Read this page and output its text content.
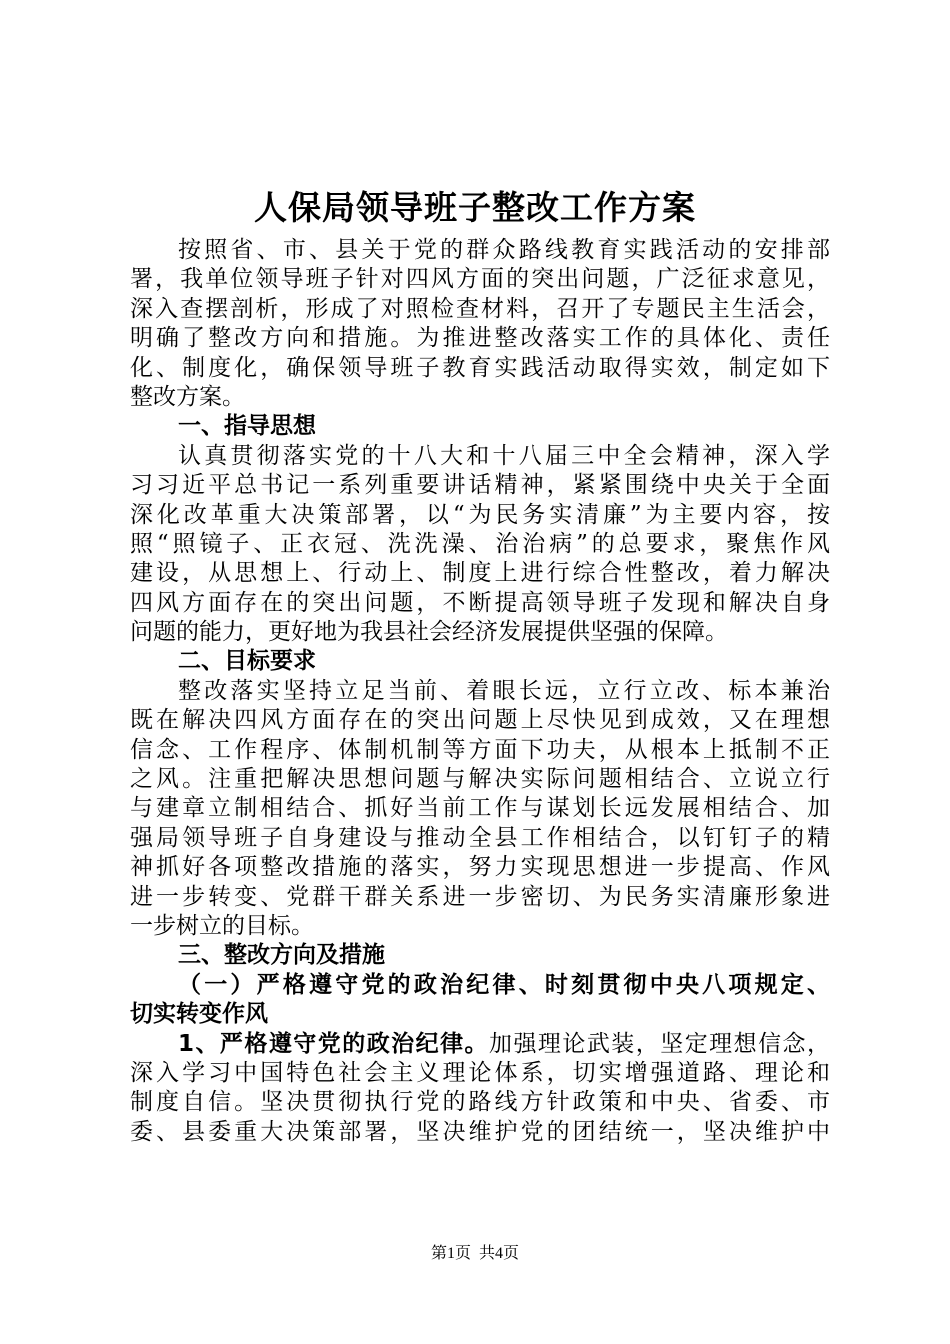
人保局领导班子整改工作方案
按照省、市、县关于党的群众路线教育实践活动的安排部
署，我单位领导班子针对四风方面的突出问题，广泛征求意见，
深入查摆剖析，形成了对照检查材料，召开了专题民主生活会，
明确了整改方向和措施。为推进整改落实工作的具体化、责任
化、制度化，确保领导班子教育实践活动取得实效，制定如下
整改方案。
一、指导思想
认真贯彻落实党的十八大和十八届三中全会精神，深入学
习习近平总书记一系列重要讲话精神，紧紧围绕中央关于全面
深化改革重大决策部署，以“为民务实清廉”为主要内容，按
照“照镜子、正衣冠、洗洗澡、治治病”的总要求，聚焦作风
建设，从思想上、行动上、制度上进行综合性整改，着力解决
四风方面存在的突出问题，不断提高领导班子发现和解决自身
问题的能力，更好地为我县社会经济发展提供坚强的保障。
二、目标要求
整改落实坚持立足当前、着眼长远，立行立改、标本兼治
既在解决四风方面存在的突出问题上尽快见到成效，又在理想
信念、工作程序、体制机制等方面下功夫，从根本上抵制不正
之风。注重把解决思想问题与解决实际问题相结合、立说立行
与建章立制相结合、抓好当前工作与谋划长远发展相结合、加
强局领导班子自身建设与推动全县工作相结合，以钉钉子的精
神抓好各项整改措施的落实，努力实现思想进一步提高、作风
进一步转变、党群干群关系进一步密切、为民务实清廉形象进
一步树立的目标。
三、整改方向及措施
（一）严格遵守党的政治纪律、时刻贯彻中央八项规定、
切实转变作风
1、严格遵守党的政治纪律。加强理论武装，坚定理想信念，
深入学习中国特色社会主义理论体系，切实增强道路、理论和
制度自信。坚决贯彻执行党的路线方针政策和中央、省委、市
委、县委重大决策部署，坚决维护党的团结统一，坚决维护中
第1页 共4页
